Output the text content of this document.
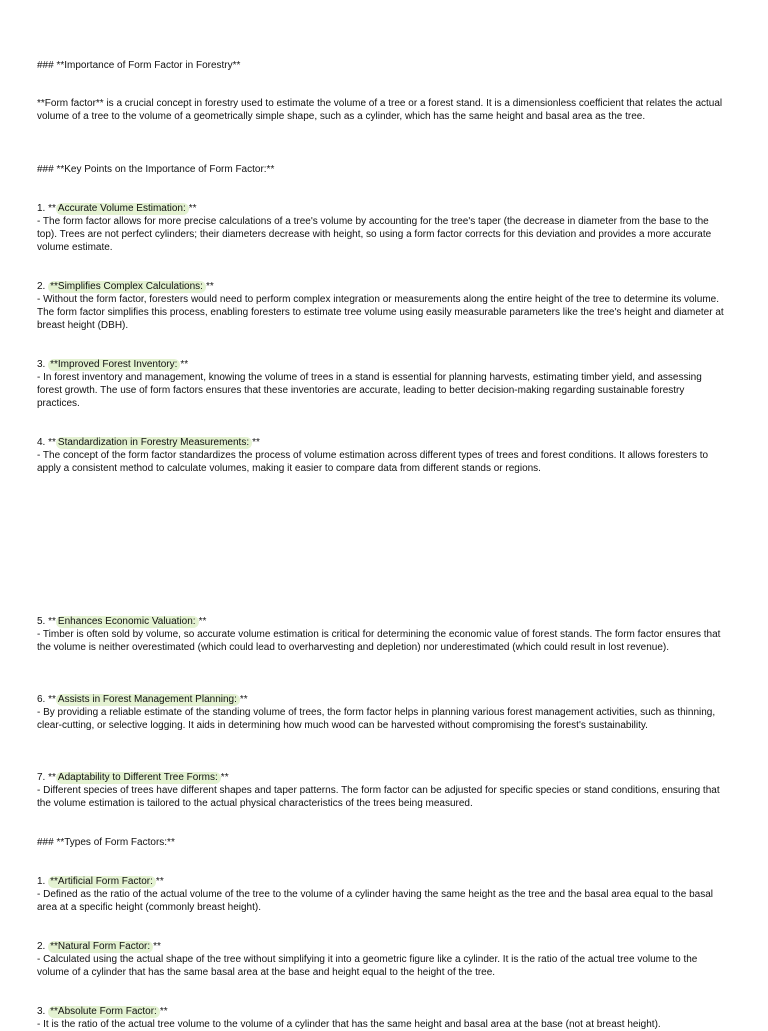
### **Importance of Form Factor in Forestry**
**Form factor** is a crucial concept in forestry used to estimate the volume of a tree or a forest stand. It is a dimensionless coefficient that relates the actual volume of a tree to the volume of a geometrically simple shape, such as a cylinder, which has the same height and basal area as the tree.
### **Key Points on the Importance of Form Factor:**
1. ** Accurate Volume Estimation: **
- The form factor allows for more precise calculations of a tree's volume by accounting for the tree's taper (the decrease in diameter from the base to the top). Trees are not perfect cylinders; their diameters decrease with height, so using a form factor corrects for this deviation and provides a more accurate volume estimate.
2. **Simplifies Complex Calculations: **
- Without the form factor, foresters would need to perform complex integration or measurements along the entire height of the tree to determine its volume. The form factor simplifies this process, enabling foresters to estimate tree volume using easily measurable parameters like the tree's height and diameter at breast height (DBH).
3. **Improved Forest Inventory: **
- In forest inventory and management, knowing the volume of trees in a stand is essential for planning harvests, estimating timber yield, and assessing forest growth. The use of form factors ensures that these inventories are accurate, leading to better decision-making regarding sustainable forestry practices.
4. ** Standardization in Forestry Measurements: **
- The concept of the form factor standardizes the process of volume estimation across different types of trees and forest conditions. It allows foresters to apply a consistent method to calculate volumes, making it easier to compare data from different stands or regions.
5. ** Enhances Economic Valuation: **
- Timber is often sold by volume, so accurate volume estimation is critical for determining the economic value of forest stands. The form factor ensures that the volume is neither overestimated (which could lead to overharvesting and depletion) nor underestimated (which could result in lost revenue).
6. ** Assists in Forest Management Planning: **
- By providing a reliable estimate of the standing volume of trees, the form factor helps in planning various forest management activities, such as thinning, clear-cutting, or selective logging. It aids in determining how much wood can be harvested without compromising the forest's sustainability.
7. ** Adaptability to Different Tree Forms: **
- Different species of trees have different shapes and taper patterns. The form factor can be adjusted for specific species or stand conditions, ensuring that the volume estimation is tailored to the actual physical characteristics of the trees being measured.
### **Types of Form Factors:**
1. **Artificial Form Factor: **
- Defined as the ratio of the actual volume of the tree to the volume of a cylinder having the same height as the tree and the basal area equal to the basal area at a specific height (commonly breast height).
2. **Natural Form Factor: **
- Calculated using the actual shape of the tree without simplifying it into a geometric figure like a cylinder. It is the ratio of the actual tree volume to the volume of a cylinder that has the same basal area at the base and height equal to the height of the tree.
3. **Absolute Form Factor: **
- It is the ratio of the actual tree volume to the volume of a cylinder that has the same height and basal area at the base (not at breast height).
